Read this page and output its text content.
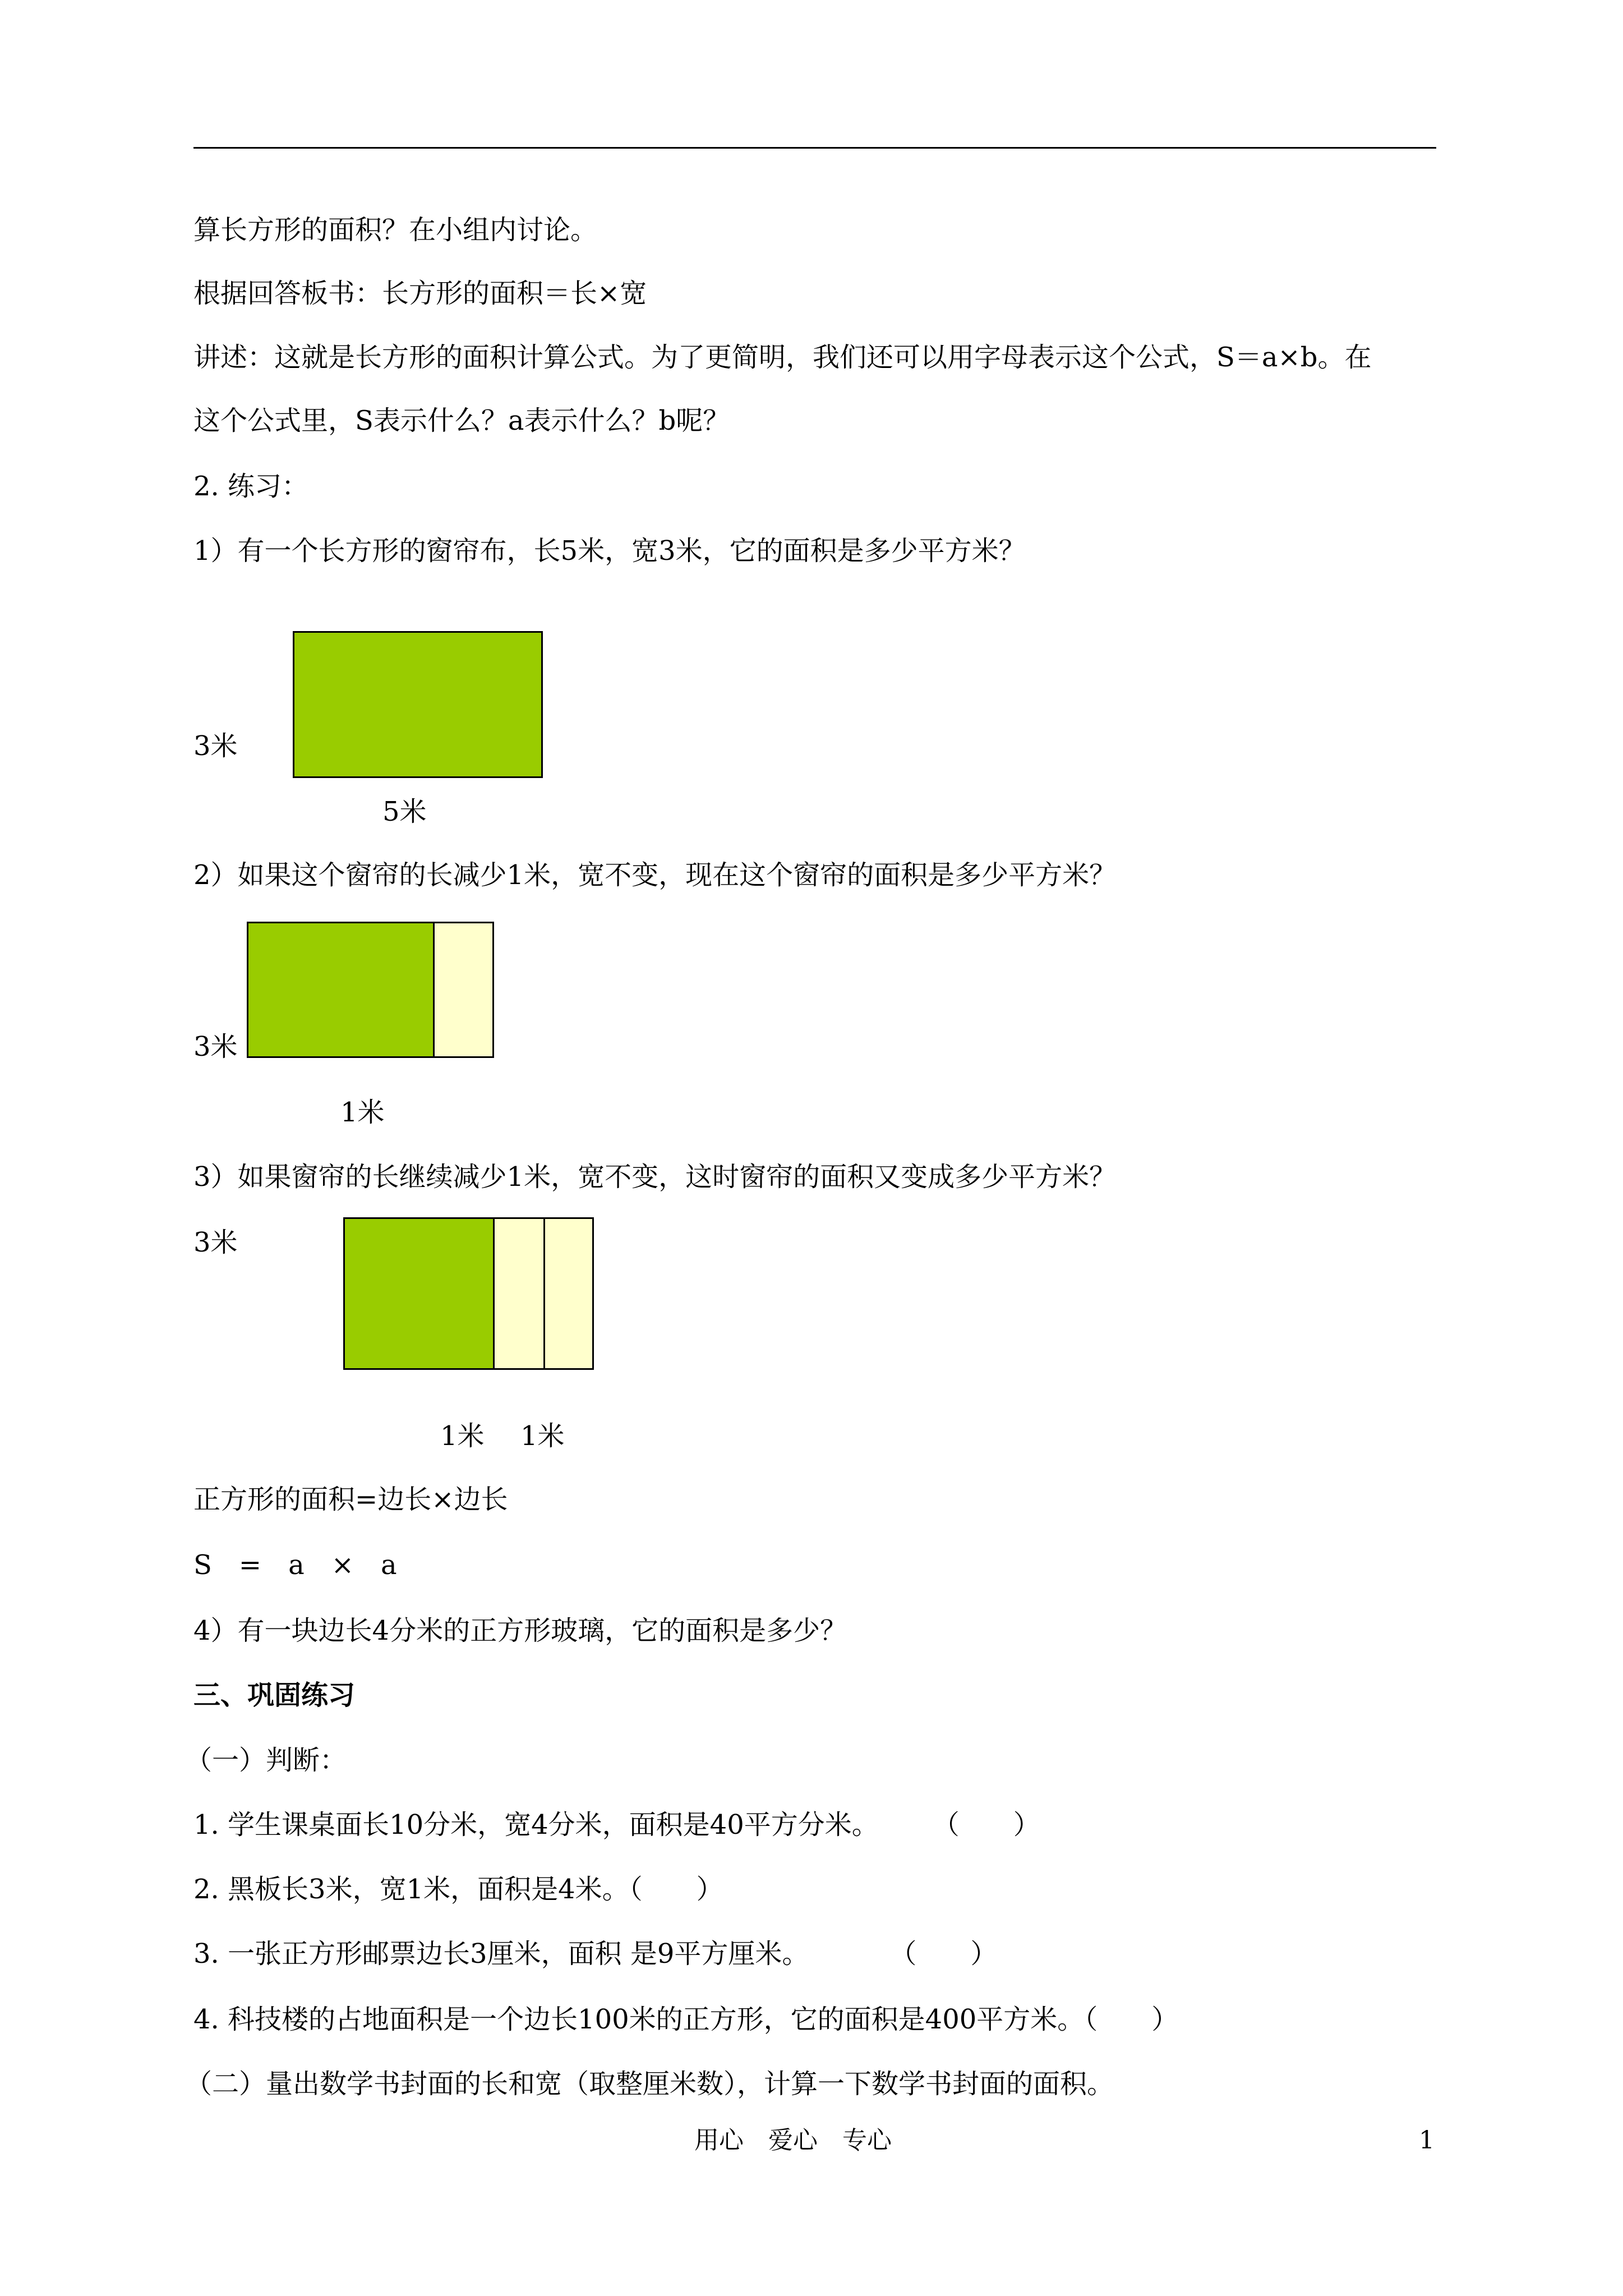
算长方形的面积？在小组内讨论。
根据回答板书：长方形的面积＝长×宽
讲述：这就是长方形的面积计算公式。为了更简明，我们还可以用字母表示这个公式，S＝a×b。在
这个公式里，S表示什么？a表示什么？b呢？
2. 练习：
1）有一个长方形的窗帘布，长5米，宽3米，它的面积是多少平方米？
3米
5米
2）如果这个窗帘的长减少1米，宽不变，现在这个窗帘的面积是多少平方米？
3米
1米
3）如果窗帘的长继续减少1米，宽不变，这时窗帘的面积又变成多少平方米？
3米
1米 1米
正方形的面积=边长×边长
S　=　a　×　a
4）有一块边长4分米的正方形玻璃，它的面积是多少？
三、巩固练习
（一）判断：
1. 学生课桌面长10分米，宽4分米，面积是40平方分米。　　　（　　）
2. 黑板长3米，宽1米，面积是4米。（　　）
3. 一张正方形邮票边长3厘米，面积 是9平方厘米。　　　　（　　）
4. 科技楼的占地面积是一个边长100米的正方形，它的面积是400平方米。（　　）
（二）量出数学书封面的长和宽（取整厘米数），计算一下数学书封面的面积。
用心　爱心　专心	1
